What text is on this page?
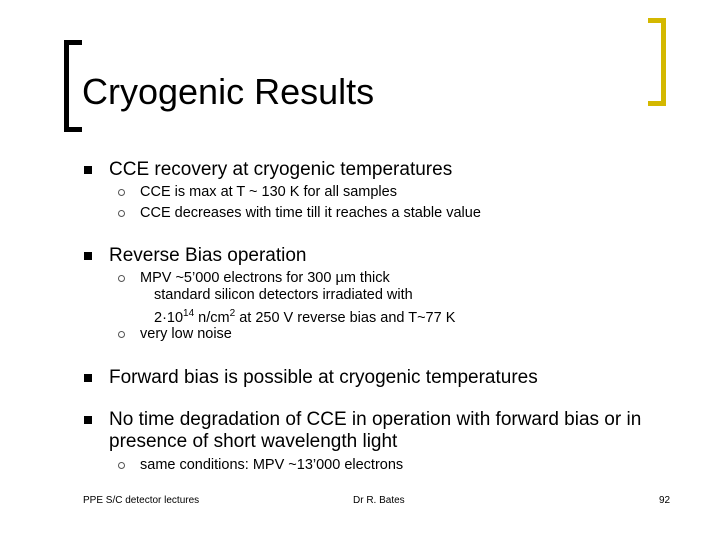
Cryogenic Results
CCE recovery at cryogenic temperatures
CCE is max at T ~ 130 K for all samples
CCE decreases with time till it reaches a stable value
Reverse Bias operation
MPV ~5’000 electrons for 300 µm thick
standard silicon detectors irradiated with
$2\cdot 10^{14}$ $n/cm^2$ at 250 V reverse bias and T~77 K
very low noise
Forward bias is possible at cryogenic temperatures
No time degradation of CCE in operation with forward bias or in
presence of short wavelength light
same conditions: MPV ~13’000 electrons
PPE S/C detector lectures	Dr R. Bates	92
